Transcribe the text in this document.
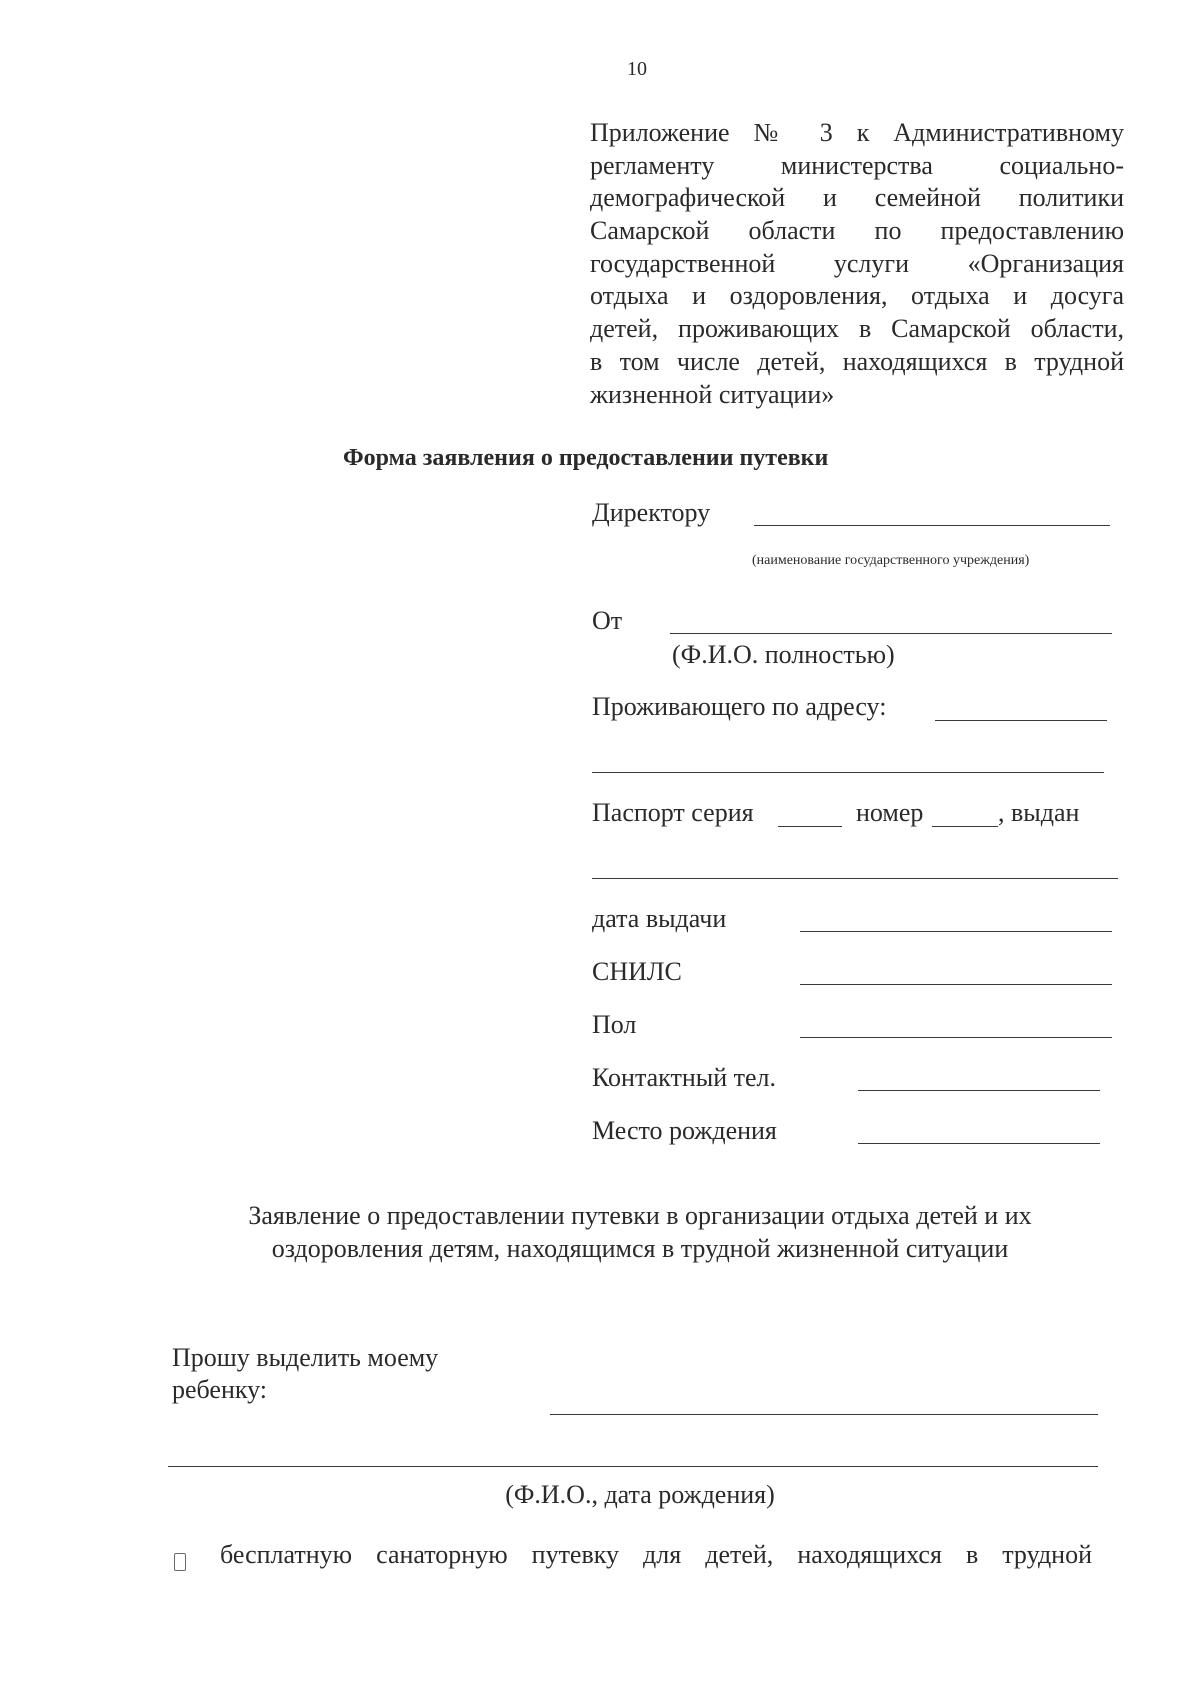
10
Приложение № 3 к Административному
регламенту министерства социально-
демографической и семейной политики
Самарской области по предоставлению
государственной услуги «Организация
отдыха и оздоровления, отдыха и досуга
детей, проживающих в Самарской области,
в том числе детей, находящихся в трудной
жизненной ситуации»
Форма заявления о предоставлении путевки
Директору
(наименование государственного учреждения)
От
(Ф.И.О. полностью)
Проживающего по адресу:
Паспорт серия	номер	, выдан
дата выдачи
СНИЛС
Пол
Контактный тел.
Место рождения
Заявление о предоставлении путевки в организации отдыха детей и их
оздоровления детям, находящимся в трудной жизненной ситуации
Прошу выделить моему
ребенку:
(Ф.И.О., дата рождения)
бесплатную санаторную путевку для детей, находящихся в трудной
